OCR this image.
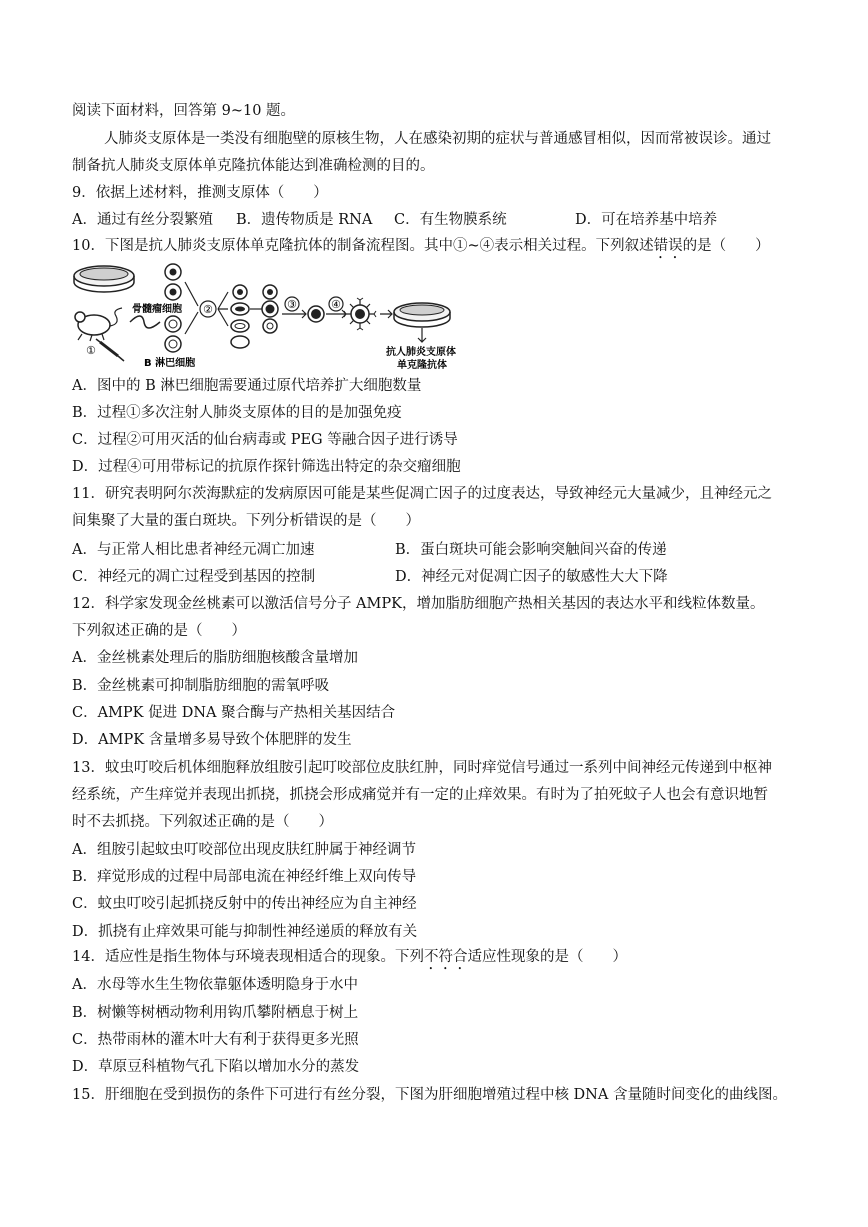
阅读下面材料，回答第 9~10 题。
人肺炎支原体是一类没有细胞壁的原核生物，人在感染初期的症状与普通感冒相似，因而常被误诊。通过
制备抗人肺炎支原体单克隆抗体能达到准确检测的目的。
9．依据上述材料，推测支原体（　　）
A．通过有丝分裂繁殖 B．遗传物质是 RNA C．有生物膜系统	D．可在培养基中培养
10．下图是抗人肺炎支原体单克隆抗体的制备流程图。其中①~④表示相关过程。下列叙述错误的是（　　）
骨髓瘤细胞
①
B 淋巴细胞
②	③	④
抗人肺炎支原体
单克隆抗体
A．图中的 B 淋巴细胞需要通过原代培养扩大细胞数量
B．过程①多次注射人肺炎支原体的目的是加强免疫
C．过程②可用灭活的仙台病毒或 PEG 等融合因子进行诱导
D．过程④可用带标记的抗原作探针筛选出特定的杂交瘤细胞
11．研究表明阿尔茨海默症的发病原因可能是某些促凋亡因子的过度表达，导致神经元大量减少，且神经元之
间集聚了大量的蛋白斑块。下列分析错误的是（　　）
A．与正常人相比患者神经元凋亡加速	B．蛋白斑块可能会影响突触间兴奋的传递
C．神经元的凋亡过程受到基因的控制	D．神经元对促凋亡因子的敏感性大大下降
12．科学家发现金丝桃素可以激活信号分子 AMPK，增加脂肪细胞产热相关基因的表达水平和线粒体数量。
下列叙述正确的是（　　）
A．金丝桃素处理后的脂肪细胞核酸含量增加
B．金丝桃素可抑制脂肪细胞的需氧呼吸
C．AMPK 促进 DNA 聚合酶与产热相关基因结合
D．AMPK 含量增多易导致个体肥胖的发生
13．蚊虫叮咬后机体细胞释放组胺引起叮咬部位皮肤红肿，同时痒觉信号通过一系列中间神经元传递到中枢神
经系统，产生痒觉并表现出抓挠，抓挠会形成痛觉并有一定的止痒效果。有时为了拍死蚊子人也会有意识地暂
时不去抓挠。下列叙述正确的是（　　）
A．组胺引起蚊虫叮咬部位出现皮肤红肿属于神经调节
B．痒觉形成的过程中局部电流在神经纤维上双向传导
C．蚊虫叮咬引起抓挠反射中的传出神经应为自主神经
D．抓挠有止痒效果可能与抑制性神经递质的释放有关
14．适应性是指生物体与环境表现相适合的现象。下列不符合适应性现象的是（　　）
A．水母等水生生物依靠躯体透明隐身于水中
B．树懒等树栖动物利用钩爪攀附栖息于树上
C．热带雨林的灌木叶大有利于获得更多光照
D．草原豆科植物气孔下陷以增加水分的蒸发
15．肝细胞在受到损伤的条件下可进行有丝分裂，下图为肝细胞增殖过程中核 DNA 含量随时间变化的曲线图。
